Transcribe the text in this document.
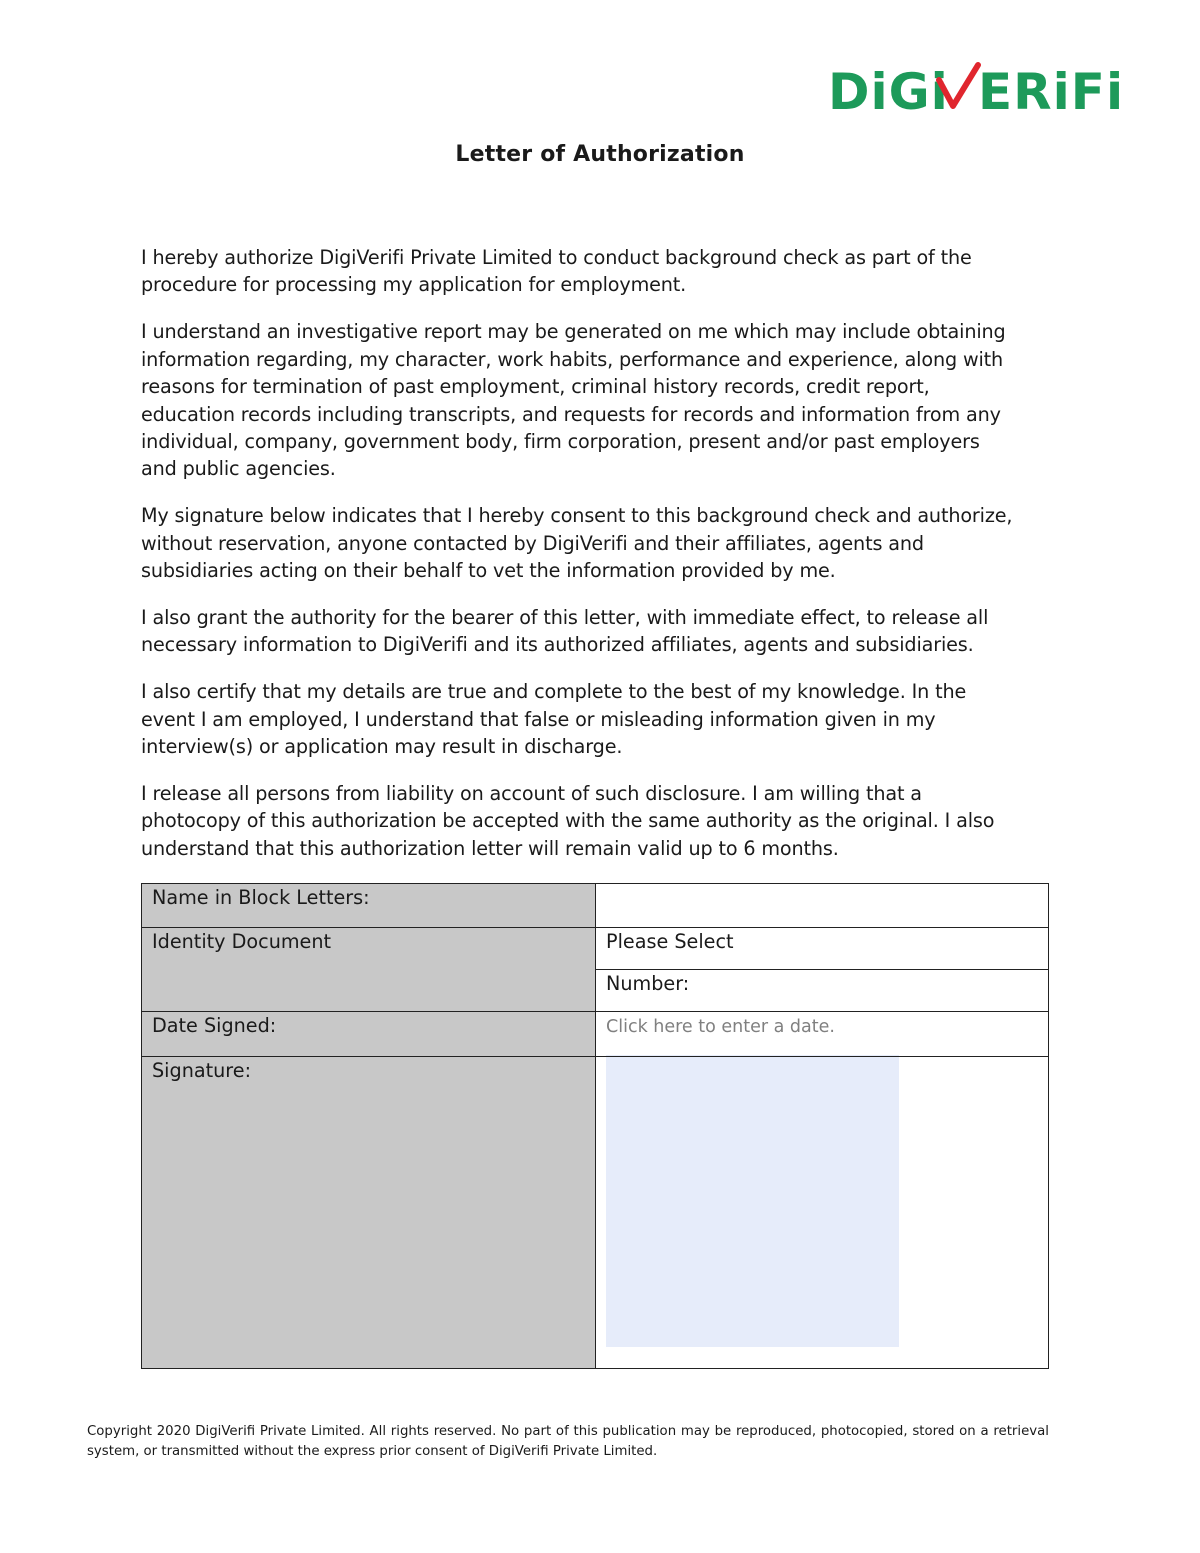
DiGi ERiFi
Letter of Authorization

I hereby authorize DigiVerifi Private Limited to conduct background check as part of the
procedure for processing my application for employment.

I understand an investigative report may be generated on me which may include obtaining
information regarding, my character, work habits, performance and experience, along with
reasons for termination of past employment, criminal history records, credit report,
education records including transcripts, and requests for records and information from any
individual, company, government body, firm corporation, present and/or past employers
and public agencies.

My signature below indicates that I hereby consent to this background check and authorize,
without reservation, anyone contacted by DigiVerifi and their affiliates, agents and
subsidiaries acting on their behalf to vet the information provided by me.

I also grant the authority for the bearer of this letter, with immediate effect, to release all
necessary information to DigiVerifi and its authorized affiliates, agents and subsidiaries.

I also certify that my details are true and complete to the best of my knowledge. In the
event I am employed, I understand that false or misleading information given in my
interview(s) or application may result in discharge.

I release all persons from liability on account of such disclosure. I am willing that a
photocopy of this authorization be accepted with the same authority as the original. I also
understand that this authorization letter will remain valid up to 6 months.

Name in Block Letters:	
Identity Document	Please Select
	Number:
Date Signed:	Click here to enter a date.
Signature:	
Copyright 2020 DigiVerifi Private Limited. All rights reserved. No part of this publication may be reproduced, photocopied, stored on a retrieval system, or transmitted without the express prior consent of DigiVerifi Private Limited.
